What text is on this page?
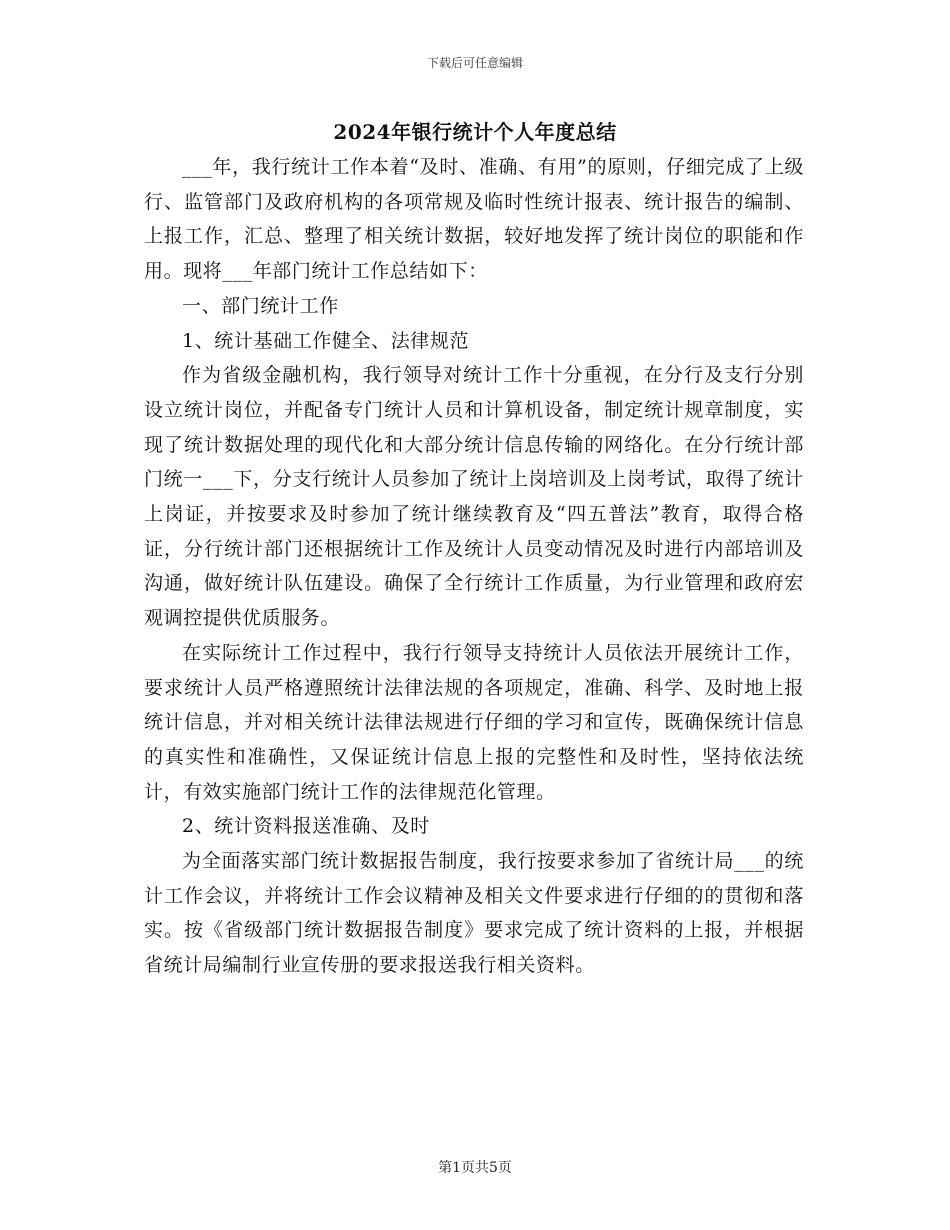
下载后可任意编辑
2024年银行统计个人年度总结

___年，我行统计工作本着“及时、准确、有用”的原则，仔细完成了上级行、监管部门及政府机构的各项常规及临时性统计报表、统计报告的编制、上报工作，汇总、整理了相关统计数据，较好地发挥了统计岗位的职能和作用。现将___年部门统计工作总结如下：

一、部门统计工作

1、统计基础工作健全、法律规范

作为省级金融机构，我行领导对统计工作十分重视，在分行及支行分别设立统计岗位，并配备专门统计人员和计算机设备，制定统计规章制度，实现了统计数据处理的现代化和大部分统计信息传输的网络化。在分行统计部门统一___下，分支行统计人员参加了统计上岗培训及上岗考试，取得了统计上岗证，并按要求及时参加了统计继续教育及“四五普法”教育，取得合格证，分行统计部门还根据统计工作及统计人员变动情况及时进行内部培训及沟通，做好统计队伍建设。确保了全行统计工作质量，为行业管理和政府宏观调控提供优质服务。

在实际统计工作过程中，我行行领导支持统计人员依法开展统计工作，要求统计人员严格遵照统计法律法规的各项规定，准确、科学、及时地上报统计信息，并对相关统计法律法规进行仔细的学习和宣传，既确保统计信息的真实性和准确性，又保证统计信息上报的完整性和及时性，坚持依法统计，有效实施部门统计工作的法律规范化管理。

2、统计资料报送准确、及时

为全面落实部门统计数据报告制度，我行按要求参加了省统计局___的统计工作会议，并将统计工作会议精神及相关文件要求进行仔细的的贯彻和落实。按《省级部门统计数据报告制度》要求完成了统计资料的上报，并根据省统计局编制行业宣传册的要求报送我行相关资料。

第1页共5页
